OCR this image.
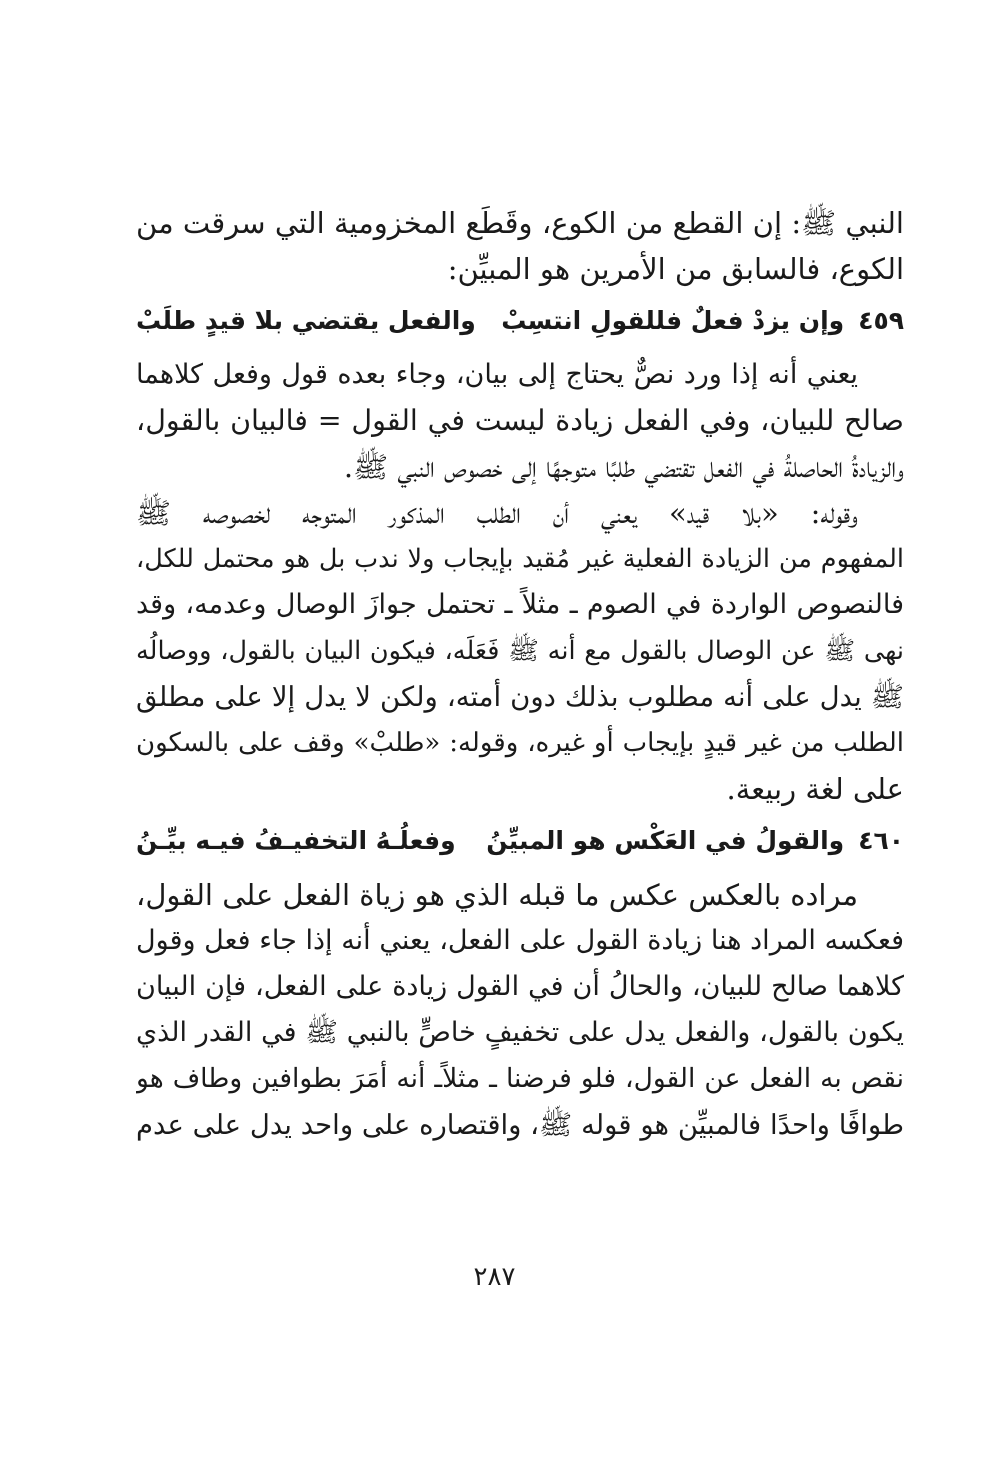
النبي ﷺ: إن القطع من الكوع، وقَطَع المخزومية التي سرقت من
الكوع، فالسابق من الأمرين هو المبيِّن:
٤٥٩
وإن يزدْ فعلٌ فللقولِ انتسِبْ
والفعل يقتضي بلا قيدٍ طلَبْ
يعني أنه إذا ورد نصٌّ يحتاج إلى بيان، وجاء بعده قول وفعل كلاهما
صالح للبيان، وفي الفعل زيادة ليست في القول = فالبيان بالقول،
والزيادةُ الحاصلةُ في الفعل تقتضي طلبًا متوجهًا إلى خصوص النبي ﷺ.
وقوله: «بلا قيد» يعني أن الطلب المذكور المتوجه لخصوصه ﷺ
المفهوم من الزيادة الفعلية غير مُقيد بإيجاب ولا ندب بل هو محتمل للكل،
فالنصوص الواردة في الصوم ـ مثلاً ـ تحتمل جوازَ الوصال وعدمه، وقد
نهى ﷺ عن الوصال بالقول مع أنه ﷺ فَعَلَه، فيكون البيان بالقول، ووصالُه
ﷺ يدل على أنه مطلوب بذلك دون أمته، ولكن لا يدل إلا على مطلق
الطلب من غير قيدٍ بإيجاب أو غيره، وقوله: «طلبْ» وقف على بالسكون
على لغة ربيعة.
٤٦٠
والقولُ في العَكْس هو المبيِّنُ
وفعلُـهُ التخفيـفُ فيـه بيِّـنُ
مراده بالعكس عكس ما قبله الذي هو زياة الفعل على القول،
فعكسه المراد هنا زيادة القول على الفعل، يعني أنه إذا جاء فعل وقول
كلاهما صالح للبيان، والحالُ أن في القول زيادة على الفعل، فإن البيان
يكون بالقول، والفعل يدل على تخفيفٍ خاصٍّ بالنبي ﷺ في القدر الذي
نقص به الفعل عن القول، فلو فرضنا ـ مثلاًـ أنه أمَرَ بطوافين وطاف هو
طوافًا واحدًا فالمبيِّن هو قوله ﷺ، واقتصاره على واحد يدل على عدم
٢٨٧
